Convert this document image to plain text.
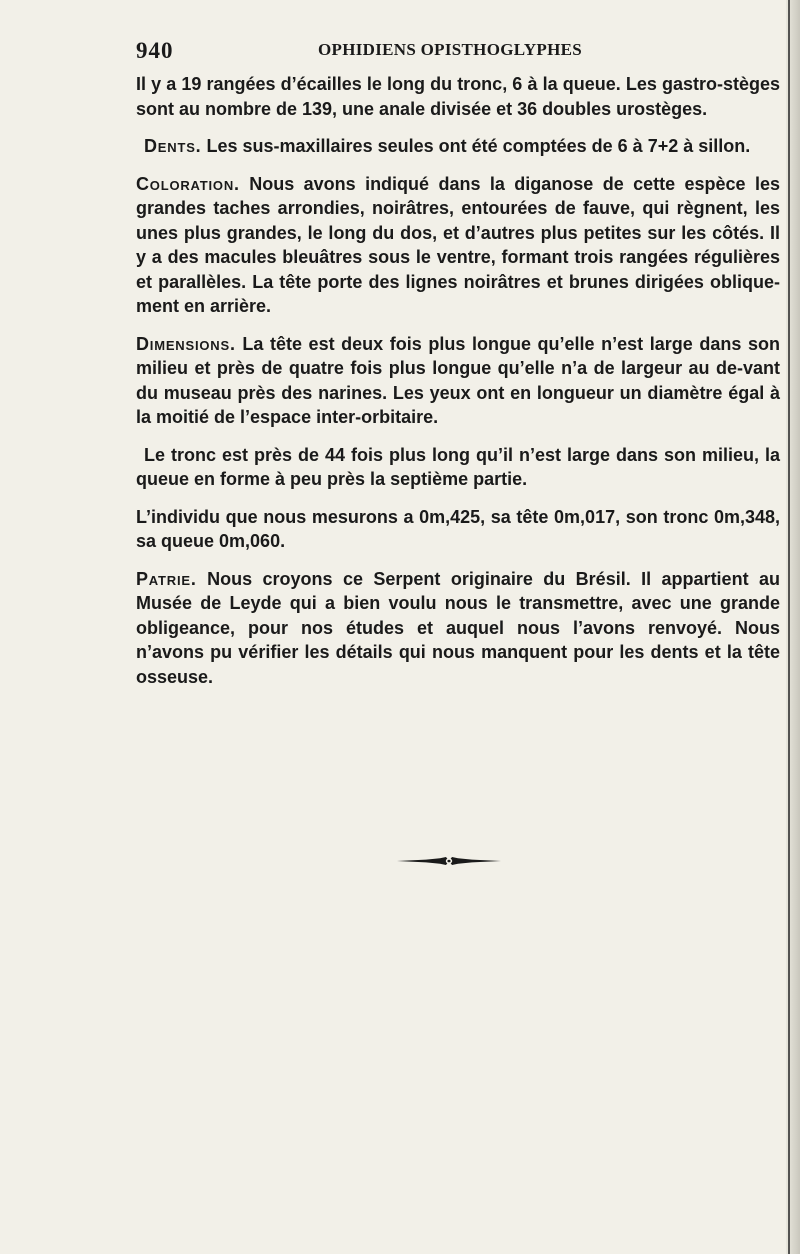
940	OPHIDIENS OPISTHOGLYPHES

Il y a 19 rangées d’écailles le long du tronc, 6 à la queue. Les gastro-stèges sont au nombre de 139, une anale divisée et 36 doubles urostèges.

Dents. Les sus-maxillaires seules ont été comptées de 6 à 7+2 à sillon.

Coloration. Nous avons indiqué dans la diganose de cette espèce les grandes taches arrondies, noirâtres, entourées de fauve, qui règnent, les unes plus grandes, le long du dos, et d’autres plus petites sur les côtés. Il y a des macules bleuâtres sous le ventre, formant trois rangées régulières et parallèles. La tête porte des lignes noirâtres et brunes dirigées oblique-ment en arrière.

Dimensions. La tête est deux fois plus longue qu’elle n’est large dans son milieu et près de quatre fois plus longue qu’elle n’a de largeur au de-vant du museau près des narines. Les yeux ont en longueur un diamètre égal à la moitié de l’espace inter-orbitaire.

Le tronc est près de 44 fois plus long qu’il n’est large dans son milieu, la queue en forme à peu près la septième partie.

L’individu que nous mesurons a 0m,425, sa tête 0m,017, son tronc 0m,348, sa queue 0m,060.

Patrie. Nous croyons ce Serpent originaire du Brésil. Il appartient au Musée de Leyde qui a bien voulu nous le transmettre, avec une grande obligeance, pour nos études et auquel nous l’avons renvoyé. Nous n’avons pu vérifier les détails qui nous manquent pour les dents et la tête osseuse.
